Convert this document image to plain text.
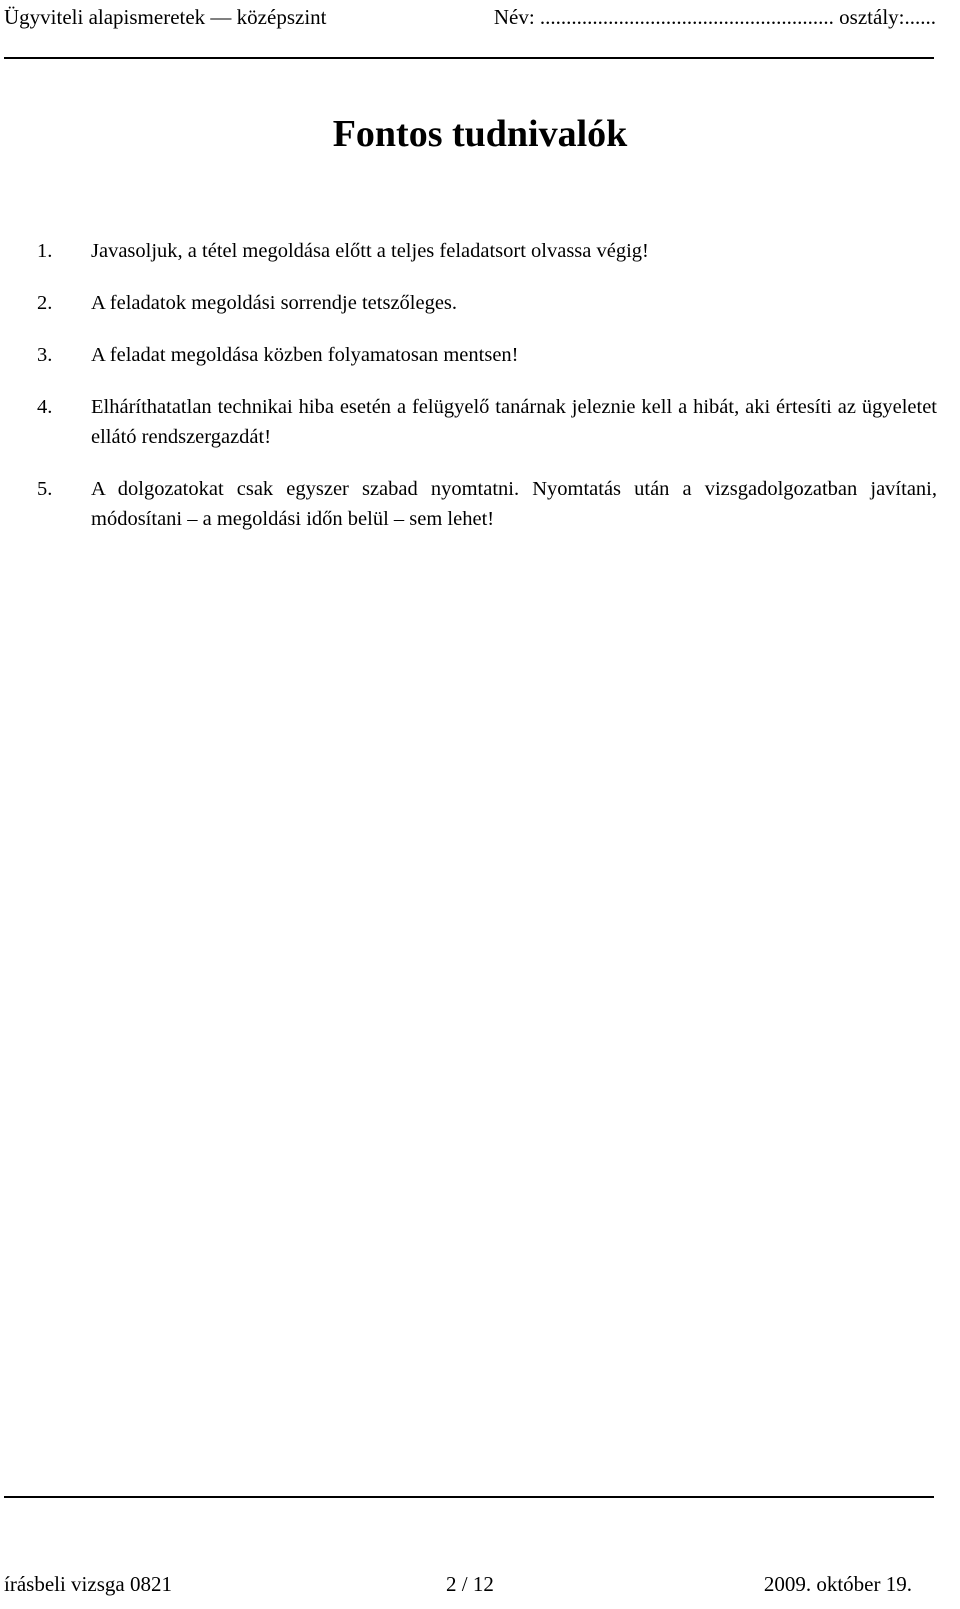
Ügyviteli alapismeretek — középszint	Név: ........................................................ osztály:......
Fontos tudnivalók
1. Javasoljuk, a tétel megoldása előtt a teljes feladatsort olvassa végig!
2. A feladatok megoldási sorrendje tetszőleges.
3. A feladat megoldása közben folyamatosan mentsen!
4. Elháríthatatlan technikai hiba esetén a felügyelő tanárnak jeleznie kell a hibát, aki értesíti az ügyeletet ellátó rendszergazdát!
5. A dolgozatokat csak egyszer szabad nyomtatni. Nyomtatás után a vizsgadolgozatban javítani, módosítani – a megoldási időn belül – sem lehet!
írásbeli vizsga 0821	2 / 12	2009. október 19.
